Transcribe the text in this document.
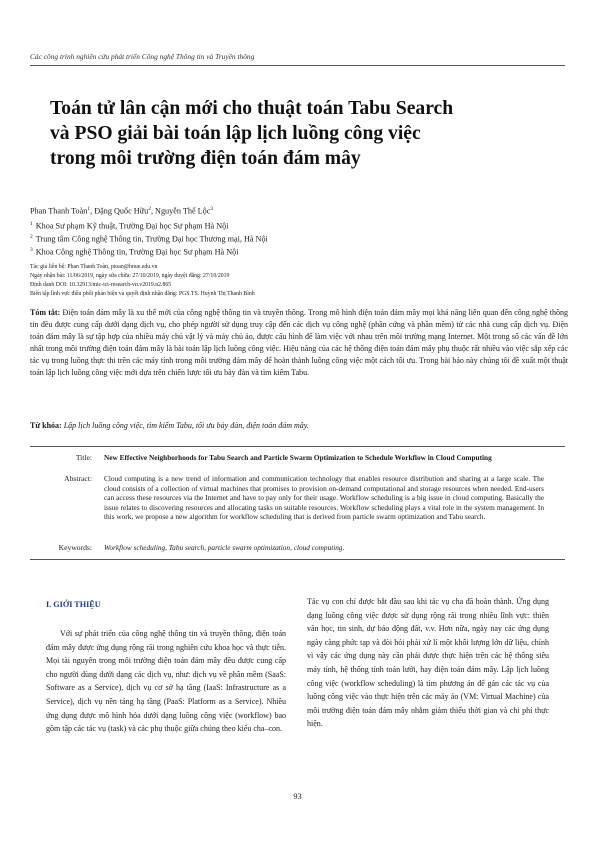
Các công trình nghiên cứu phát triển Công nghệ Thông tin và Truyền thông
Toán tử lân cận mới cho thuật toán Tabu Search
và PSO giải bài toán lập lịch luồng công việc
trong môi trường điện toán đám mây
Phan Thanh Toàn$^1$, Đặng Quốc Hữu$^2$, Nguyễn Thế Lộc$^3$
$^1$ Khoa Sư phạm Kỹ thuật, Trường Đại học Sư phạm Hà Nội
$^2$ Trung tâm Công nghệ Thông tin, Trường Đại học Thương mại, Hà Nội
$^3$ Khoa Công nghệ Thông tin, Trường Đại học Sư phạm Hà Nội
Tác giả liên hệ: Phan Thanh Toàn, ptoan@hnue.edu.vn
Ngày nhận bài: 11/06/2019, ngày sửa chữa: 27/10/2019, ngày duyệt đăng: 27/10/2019
Định danh DOI: 10.32913/mic-ict-research-vn.v2019.n2.865
Biên tập lĩnh vực điều phối phản biện và quyết định nhận đăng: PGS.TS. Huỳnh Thị Thanh Bình
Tóm tắt: Điện toán đám mây là xu thế mới của công nghệ thông tin và truyền thông. Trong mô hình điện toán đám mây mọi khả năng liên quan đến công nghệ thông tin đều được cung cấp dưới dạng dịch vụ, cho phép người sử dụng truy cập đến các dịch vụ công nghệ (phần cứng và phần mềm) từ các nhà cung cấp dịch vụ. Điện toán đám mây là sự tập hợp của nhiều máy chủ vật lý và máy chủ ảo, được cấu hình để làm việc với nhau trên môi trường mạng Internet. Một trong số các vấn đề lớn nhất trong môi trường điện toán đám mây là bài toán lập lịch luồng công việc. Hiệu năng của các hệ thống điện toán đám mây phụ thuộc rất nhiều vào việc sắp xếp các tác vụ trong luồng thực thi trên các máy tính trong môi trường đám mây để hoàn thành luồng công việc một cách tối ưu. Trong bài báo này chúng tôi đề xuất một thuật toán lập lịch luồng công việc mới dựa trên chiến lược tối ưu bày đàn và tìm kiếm Tabu.
Từ khóa: Lập lịch luồng công việc, tìm kiếm Tabu, tối ưu bày đàn, điện toán đám mây.
Title: New Effective Neighborhoods for Tabu Search and Particle Swarm Optimization to Schedule Workflow in Cloud Computing
Abstract: Cloud computing is a new trend of information and communication technology that enables resource distribution and sharing at a large scale. The cloud consists of a collection of virtual machines that promises to provision on-demand computational and storage resources when needed. End-users can access these resources via the Internet and have to pay only for their usage. Workflow scheduling is a big issue in cloud computing. Basically the issue relates to discovering resources and allocating tasks on suitable resources. Workflow scheduling plays a vital role in the system management. In this work, we propose a new algorithm for workflow scheduling that is derived from particle swarm optimization and Tabu search.
Keywords: Workflow scheduling, Tabu search, particle swarm optimization, cloud computing.
I. GIỚI THIỆU
Với sự phát triển của công nghệ thông tin và truyền thông, điện toán đám mây được ứng dụng rộng rãi trong nghiên cứu khoa học và thực tiễn. Mọi tài nguyên trong môi trường điện toán đám mây đều được cung cấp cho người dùng dưới dạng các dịch vụ, như: dịch vụ về phần mềm (SaaS: Software as a Service), dịch vụ cơ sở hạ tầng (IaaS: Infrastructure as a Service), dịch vụ nền tảng hạ tầng (PaaS: Platform as a Service). Nhiều ứng dụng được mô hình hóa dưới dạng luồng công việc (workflow) bao gồm tập các tác vụ (task) và các phụ thuộc giữa chúng theo kiểu cha–con.
Tác vụ con chỉ được bắt đầu sau khi tác vụ cha đã hoàn thành. Ứng dụng dạng luồng công việc được sử dụng rộng rãi trong nhiều lĩnh vực: thiên văn học, tin sinh, dự báo động đất, v.v. Hơn nữa, ngày nay các ứng dụng ngày càng phức tạp và đòi hỏi phải xử lí một khối lượng lớn dữ liệu, chính vì vậy các ứng dụng này cần phải được thực hiện trên các hệ thống siêu máy tính, hệ thống tính toán lưới, hay điện toán đám mây. Lập lịch luồng công việc (workflow scheduling) là tìm phương án để gán các tác vụ của luồng công việc vào thực hiện trên các máy ảo (VM: Virtual Machine) của môi trường điện toán đám mây nhằm giảm thiểu thời gian và chi phí thực hiện.
93
